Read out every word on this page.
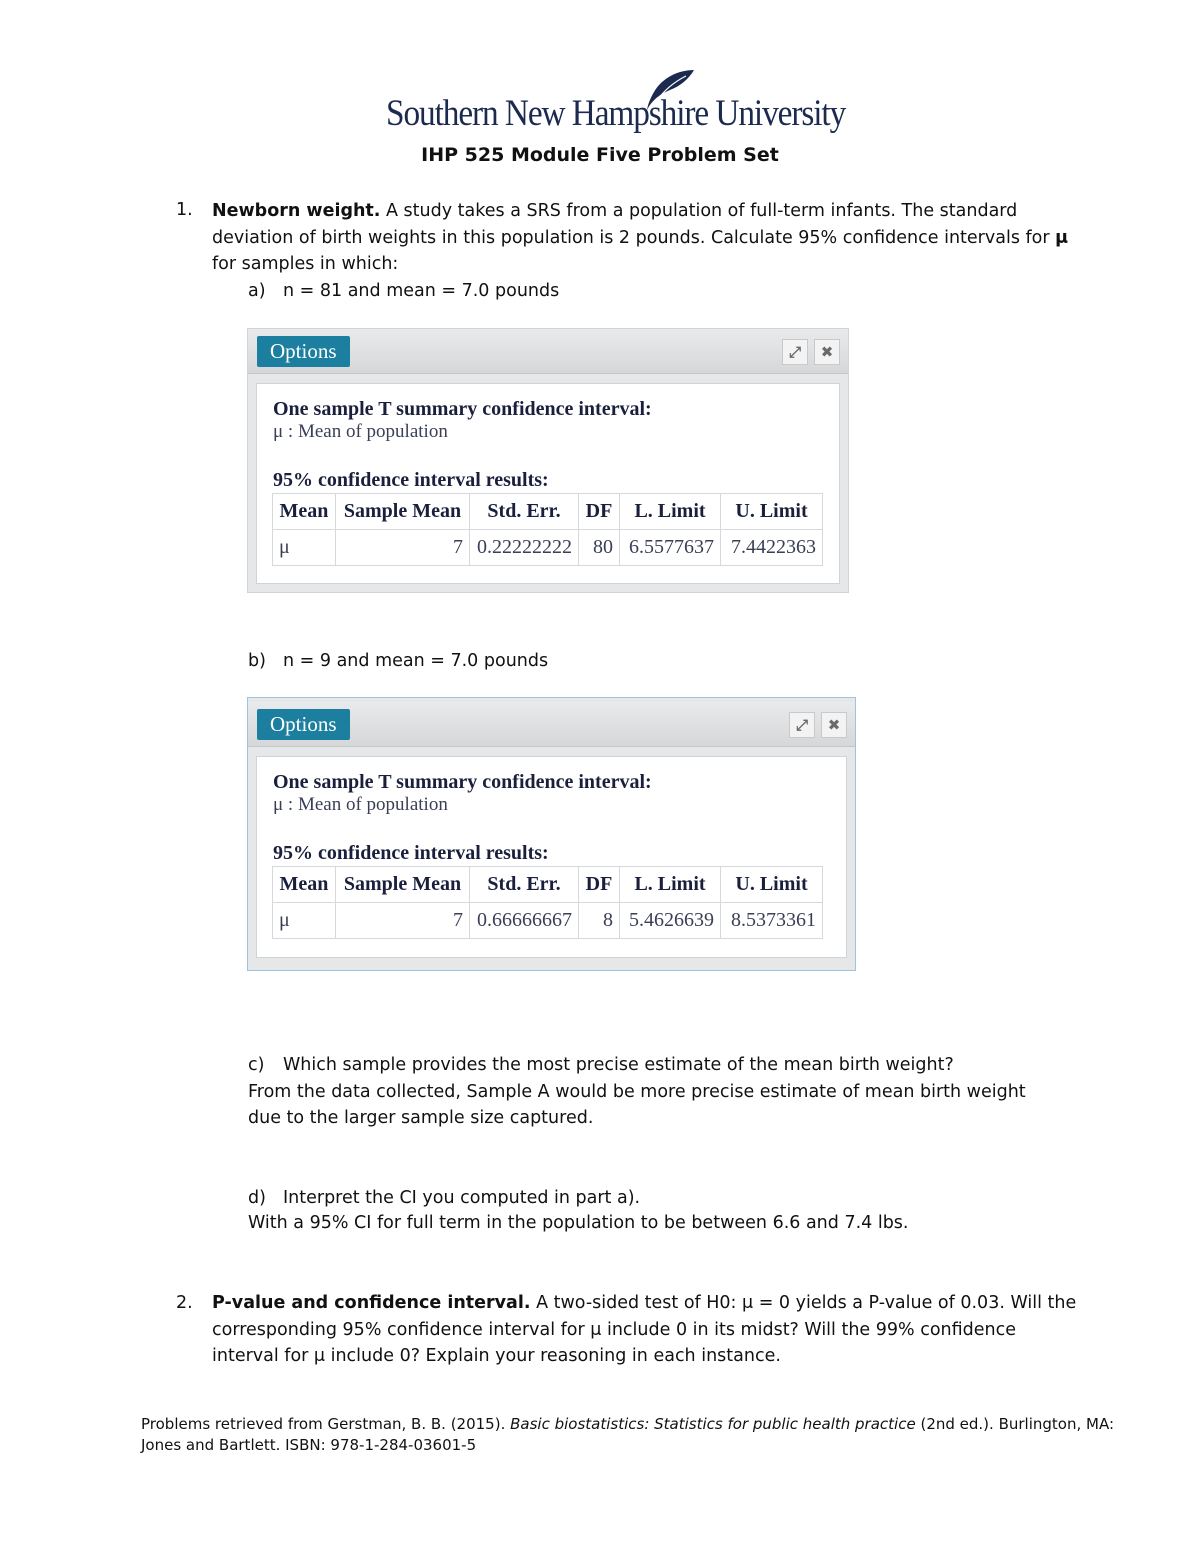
Southern New Hampshire University
IHP 525 Module Five Problem Set
1. Newborn weight. A study takes a SRS from a population of full-term infants. The standard
deviation of birth weights in this population is 2 pounds. Calculate 95% confidence intervals for μ
for samples in which:
a) n = 81 and mean = 7.0 pounds
Options	⤢	✖
One sample T summary confidence interval:
μ : Mean of population
95% confidence interval results:
Mean	Sample Mean	Std. Err.	DF	L. Limit	U. Limit
μ	7	0.22222222	80	6.5577637	7.4422363
b) n = 9 and mean = 7.0 pounds
Options	⤢	✖
One sample T summary confidence interval:
μ : Mean of population
95% confidence interval results:
Mean	Sample Mean	Std. Err.	DF	L. Limit	U. Limit
μ	7	0.66666667	8	5.4626639	8.5373361
c) Which sample provides the most precise estimate of the mean birth weight?
From the data collected, Sample A would be more precise estimate of mean birth weight
due to the larger sample size captured.
d) Interpret the CI you computed in part a).
With a 95% CI for full term in the population to be between 6.6 and 7.4 lbs.
2. P-value and confidence interval. A two-sided test of H0: μ = 0 yields a P-value of 0.03. Will the
corresponding 95% confidence interval for μ include 0 in its midst? Will the 99% confidence
interval for μ include 0? Explain your reasoning in each instance.
Problems retrieved from Gerstman, B. B. (2015). Basic biostatistics: Statistics for public health practice (2nd ed.). Burlington, MA:
Jones and Bartlett. ISBN: 978-1-284-03601-5
